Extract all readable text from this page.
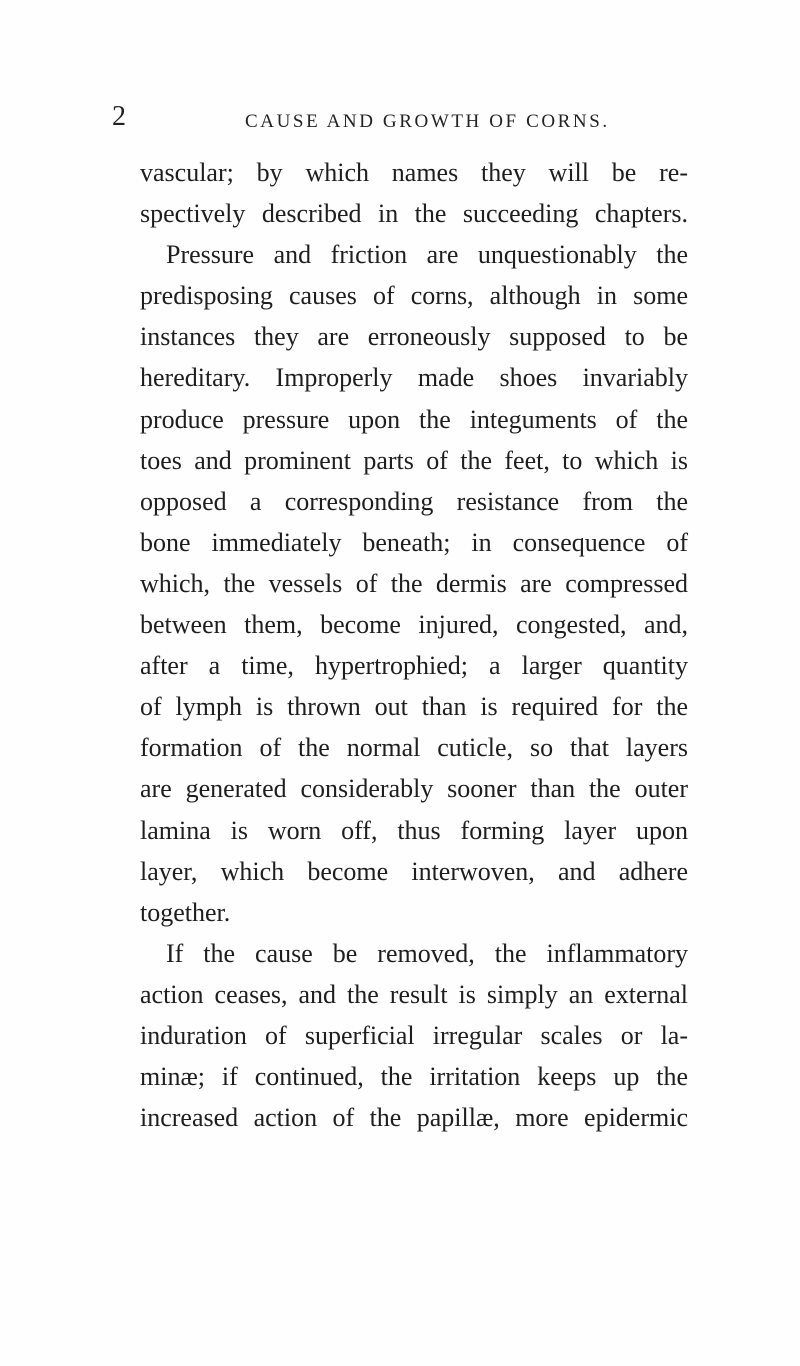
2	CAUSE AND GROWTH OF CORNS.
vascular; by which names they will be re-
spectively described in the succeeding chapters.
Pressure and friction are unquestionably the
predisposing causes of corns, although in some
instances they are erroneously supposed to be
hereditary. Improperly made shoes invariably
produce pressure upon the integuments of the
toes and prominent parts of the feet, to which is
opposed a corresponding resistance from the
bone immediately beneath; in consequence of
which, the vessels of the dermis are compressed
between them, become injured, congested, and,
after a time, hypertrophied; a larger quantity
of lymph is thrown out than is required for the
formation of the normal cuticle, so that layers
are generated considerably sooner than the outer
lamina is worn off, thus forming layer upon
layer, which become interwoven, and adhere
together.
If the cause be removed, the inflammatory
action ceases, and the result is simply an external
induration of superficial irregular scales or la-
minæ; if continued, the irritation keeps up the
increased action of the papillæ, more epidermic
